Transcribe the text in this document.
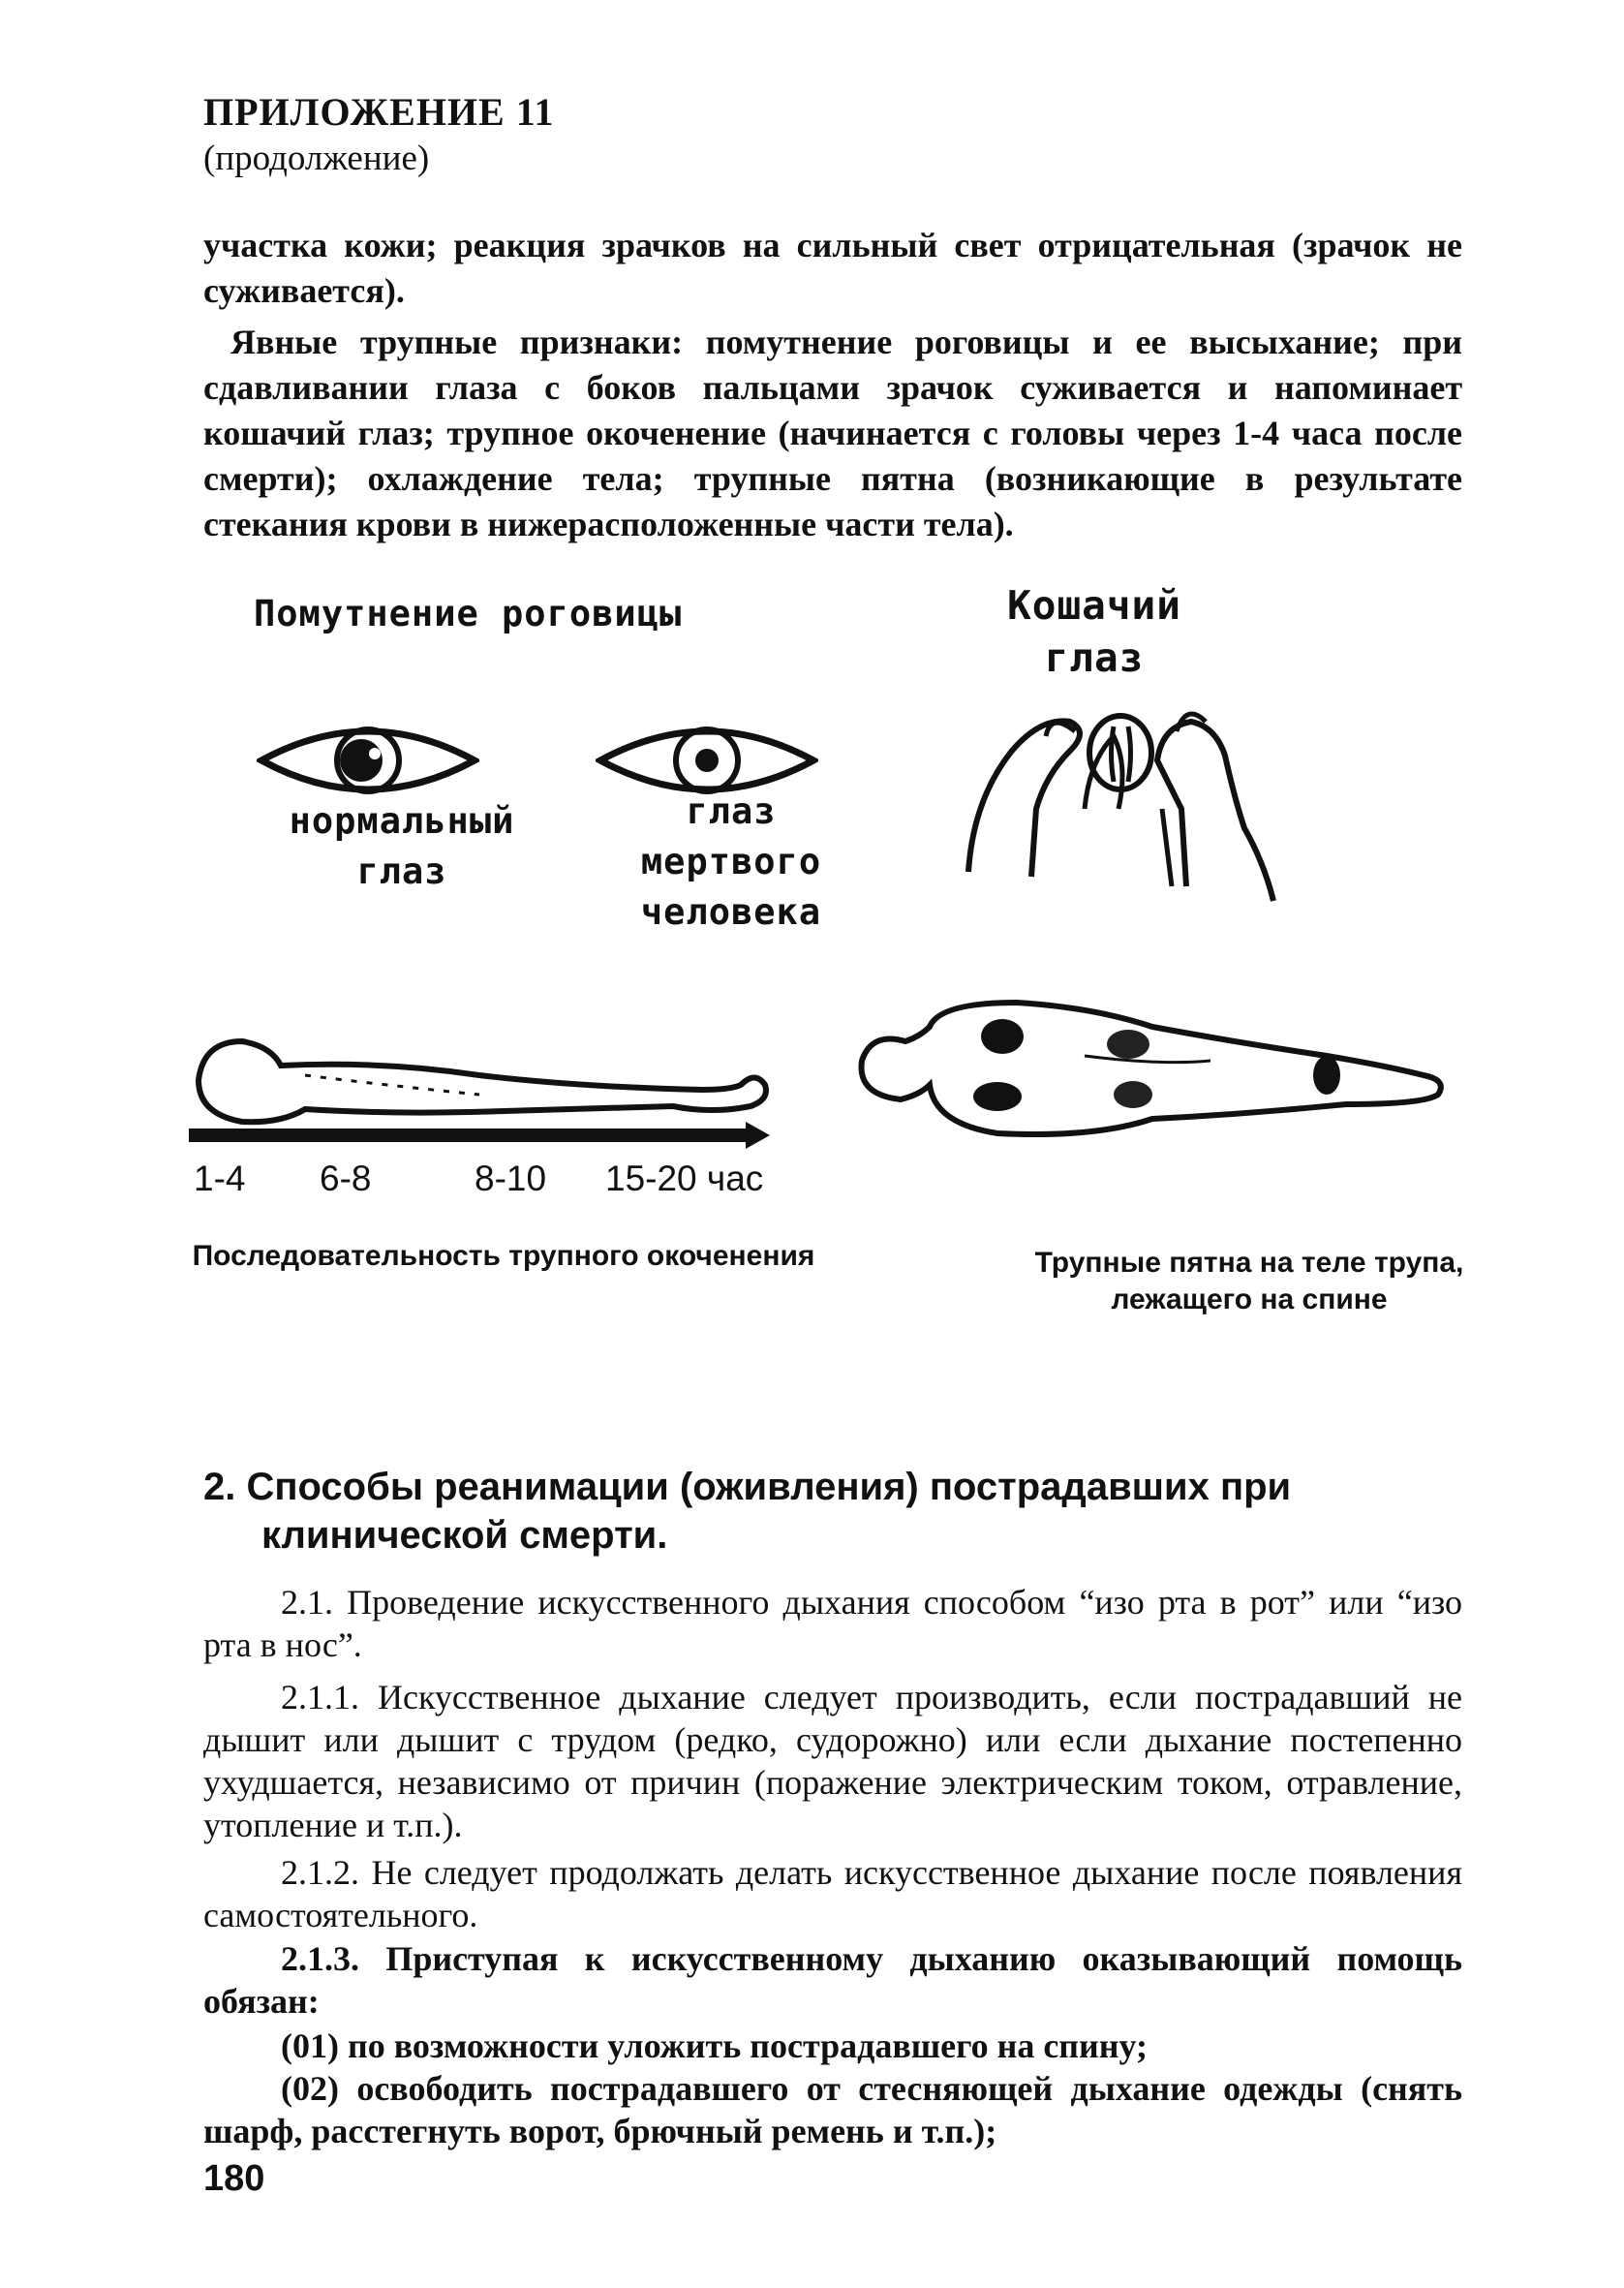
ПРИЛОЖЕНИЕ 11
(продолжение)
участка кожи; реакция зрачков на сильный свет отрицательная (зрачок не суживается).
Явные трупные признаки: помутнение роговицы и ее высыхание; при сдавливании глаза с боков пальцами зрачок суживается и напоминает кошачий глаз; трупное окоченение (начинается с головы через 1-4 часа после смерти); охлаждение тела; трупные пятна (возникающие в результате стекания крови в нижерасположенные части тела).
Помутнение роговицы	Кошачий глаз
нормальный глаз
глаз мертвого человека
1-4 6-8	8-10 15-20 час
Последовательность трупного окоченения	Трупные пятна на теле трупа, лежащего на спине
2. Способы реанимации (оживления) пострадавших при
клинической смерти.
2.1. Проведение искусственного дыхания способом “изо рта в рот” или “изо рта в нос”.
2.1.1. Искусственное дыхание следует производить, если пострадавший не дышит или дышит с трудом (редко, судорожно) или если дыхание постепенно ухудшается, независимо от причин (поражение электрическим током, отравление, утопление и т.п.).
2.1.2. Не следует продолжать делать искусственное дыхание после появления самостоятельного.
2.1.3. Приступая к искусственному дыханию оказывающий помощь обязан:
(01) по возможности уложить пострадавшего на спину;
(02) освободить пострадавшего от стесняющей дыхание одежды (снять шарф, расстегнуть ворот, брючный ремень и т.п.);
180
